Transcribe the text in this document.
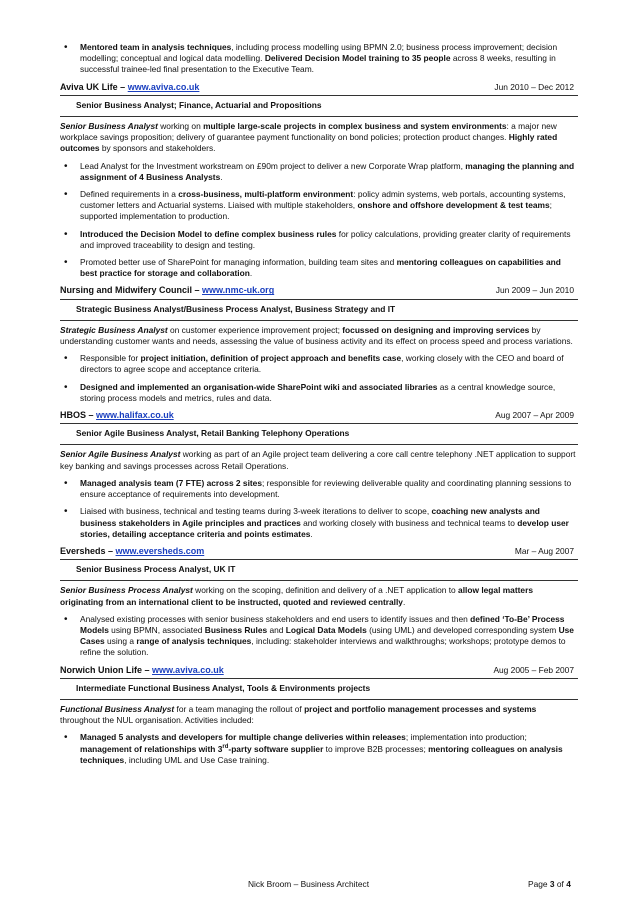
• Mentored team in analysis techniques, including process modelling using BPMN 2.0; business process improvement; decision modelling; conceptual and logical data modelling. Delivered Decision Model training to 35 people across 8 weeks, resulting in successful trainee-led final presentation to the Executive Team.
Aviva UK Life – www.aviva.co.uk	Jun 2010 – Dec 2012
Senior Business Analyst; Finance, Actuarial and Propositions
Senior Business Analyst working on multiple large-scale projects in complex business and system environments: a major new workplace savings proposition; delivery of guarantee payment functionality on bond policies; protection product changes. Highly rated outcomes by sponsors and stakeholders.
• Lead Analyst for the Investment workstream on £90m project to deliver a new Corporate Wrap platform, managing the planning and assignment of 4 Business Analysts.
• Defined requirements in a cross-business, multi-platform environment: policy admin systems, web portals, accounting systems, customer letters and Actuarial systems. Liaised with multiple stakeholders, onshore and offshore development & test teams; supported implementation to production.
• Introduced the Decision Model to define complex business rules for policy calculations, providing greater clarity of requirements and improved traceability to design and testing.
• Promoted better use of SharePoint for managing information, building team sites and mentoring colleagues on capabilities and best practice for storage and collaboration.
Nursing and Midwifery Council – www.nmc-uk.org	Jun 2009 – Jun 2010
Strategic Business Analyst/Business Process Analyst, Business Strategy and IT
Strategic Business Analyst on customer experience improvement project; focussed on designing and improving services by understanding customer wants and needs, assessing the value of business activity and its effect on process speed and process variations.
• Responsible for project initiation, definition of project approach and benefits case, working closely with the CEO and board of directors to agree scope and acceptance criteria.
• Designed and implemented an organisation-wide SharePoint wiki and associated libraries as a central knowledge source, storing process models and metrics, rules and data.
HBOS – www.halifax.co.uk	Aug 2007 – Apr 2009
Senior Agile Business Analyst, Retail Banking Telephony Operations
Senior Agile Business Analyst working as part of an Agile project team delivering a core call centre telephony .NET application to support key banking and savings processes across Retail Operations.
• Managed analysis team (7 FTE) across 2 sites; responsible for reviewing deliverable quality and coordinating planning sessions to ensure acceptance of requirements into development.
• Liaised with business, technical and testing teams during 3-week iterations to deliver to scope, coaching new analysts and business stakeholders in Agile principles and practices and working closely with business and technical teams to develop user stories, detailing acceptance criteria and points estimates.
Eversheds – www.eversheds.com	Mar – Aug 2007
Senior Business Process Analyst, UK IT
Senior Business Process Analyst working on the scoping, definition and delivery of a .NET application to allow legal matters originating from an international client to be instructed, quoted and reviewed centrally.
• Analysed existing processes with senior business stakeholders and end users to identify issues and then defined ‘To-Be’ Process Models using BPMN, associated Business Rules and Logical Data Models (using UML) and developed corresponding system Use Cases using a range of analysis techniques, including: stakeholder interviews and walkthroughs; workshops; prototype demos to refine the solution.
Norwich Union Life – www.aviva.co.uk	Aug 2005 – Feb 2007
Intermediate Functional Business Analyst, Tools & Environments projects
Functional Business Analyst for a team managing the rollout of project and portfolio management processes and systems throughout the NUL organisation. Activities included:
• Managed 5 analysts and developers for multiple change deliveries within releases; implementation into production; management of relationships with 3rd-party software supplier to improve B2B processes; mentoring colleagues on analysis techniques, including UML and Use Case training.
Nick Broom – Business Architect	Page 3 of 4
